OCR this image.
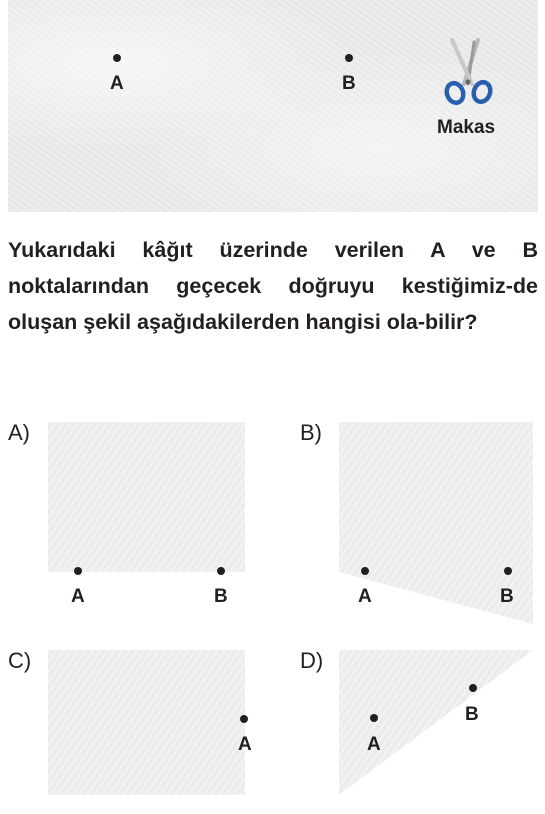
A	B
Makas
Yukarıdaki kâğıt üzerinde verilen A ve B noktalarından geçecek doğruyu kestiğimiz-de oluşan şekil aşağıdakilerden hangisi ola-bilir?
A)
A	B
B)
A	B
C)
A
D)
A
B
